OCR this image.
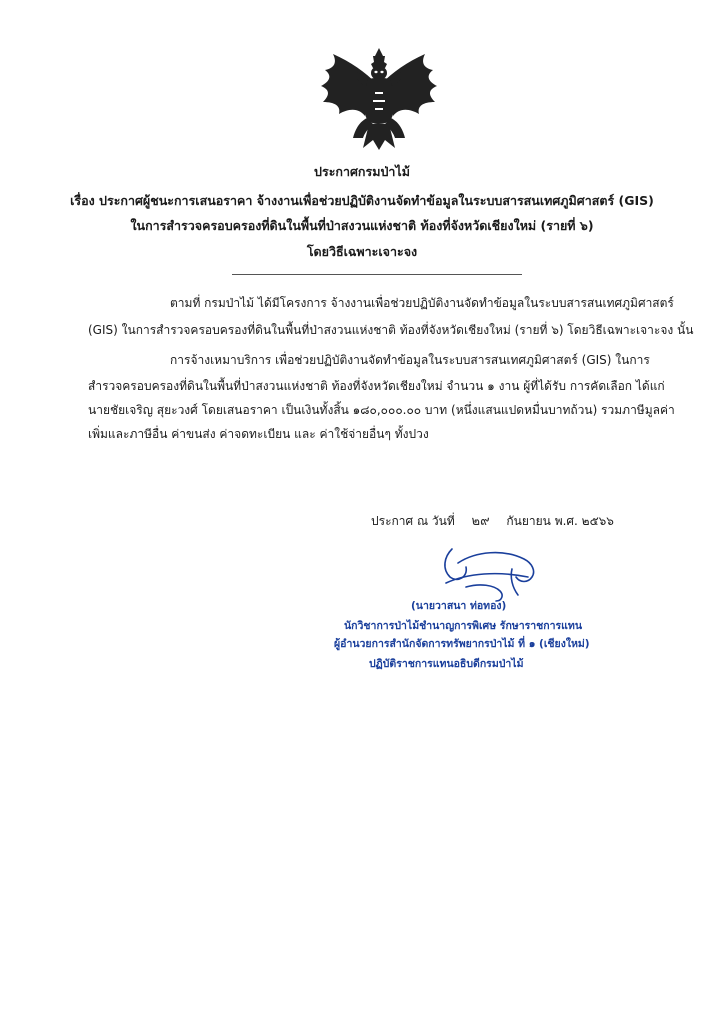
ประกาศกรมป่าไม้
เรื่อง ประกาศผู้ชนะการเสนอราคา จ้างงานเพื่อช่วยปฏิบัติงานจัดทำข้อมูลในระบบสารสนเทศภูมิศาสตร์ (GIS)
ในการสำรวจครอบครองที่ดินในพื้นที่ป่าสงวนแห่งชาติ ท้องที่จังหวัดเชียงใหม่ (รายที่ ๖)
โดยวิธีเฉพาะเจาะจง
ตามที่ กรมป่าไม้ ได้มีโครงการ จ้างงานเพื่อช่วยปฏิบัติงานจัดทำข้อมูลในระบบสารสนเทศภูมิศาสตร์
(GIS) ในการสำรวจครอบครองที่ดินในพื้นที่ป่าสงวนแห่งชาติ ท้องที่จังหวัดเชียงใหม่ (รายที่ ๖) โดยวิธีเฉพาะเจาะจง นั้น
การจ้างเหมาบริการ เพื่อช่วยปฏิบัติงานจัดทำข้อมูลในระบบสารสนเทศภูมิศาสตร์ (GIS) ในการ
สำรวจครอบครองที่ดินในพื้นที่ป่าสงวนแห่งชาติ ท้องที่จังหวัดเชียงใหม่ จำนวน ๑ งาน ผู้ที่ได้รับ การคัดเลือก ได้แก่
นายชัยเจริญ สุยะวงศ์ โดยเสนอราคา เป็นเงินทั้งสิ้น ๑๘๐,๐๐๐.๐๐ บาท (หนึ่งแสนแปดหมื่นบาทถ้วน) รวมภาษีมูลค่า
เพิ่มและภาษีอื่น ค่าขนส่ง ค่าจดทะเบียน และ ค่าใช้จ่ายอื่นๆ ทั้งปวง
ประกาศ ณ วันที่ ๒๙ กันยายน พ.ศ. ๒๕๖๖
(นายวาสนา ท่อทอง)
นักวิชาการป่าไม้ชำนาญการพิเศษ รักษาราชการแทน
ผู้อำนวยการสำนักจัดการทรัพยากรป่าไม้ ที่ ๑ (เชียงใหม่)
ปฏิบัติราชการแทนอธิบดีกรมป่าไม้
